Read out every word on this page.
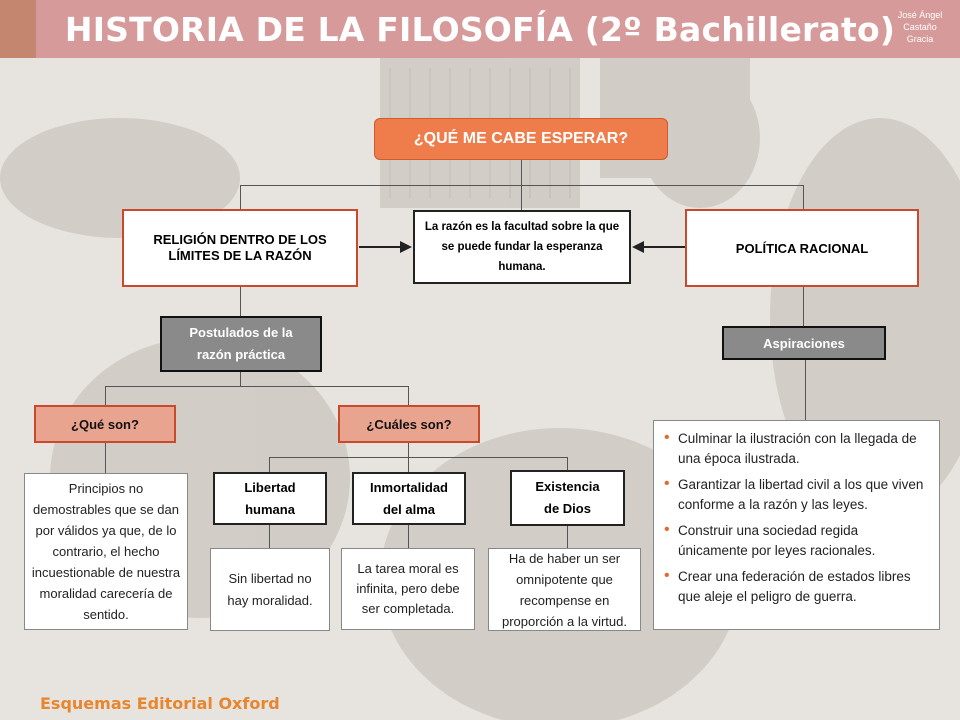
HISTORIA DE LA FILOSOFÍA (2º Bachillerato) José Ángel
Castaño
Gracia
¿QUÉ ME CABE ESPERAR?
RELIGIÓN DENTRO DE LOS LÍMITES DE LA RAZÓN
La razón es la facultad sobre la que se puede fundar la esperanza humana.
POLÍTICA RACIONAL
Postulados de la razón práctica
Aspiraciones
¿Qué son?	¿Cuáles son?
Principios no demostrables que se dan por válidos ya que, de lo contrario, el hecho incuestionable de nuestra moralidad carecería de sentido.
Libertad humana
Inmortalidad del alma
Existencia de Dios
Sin libertad no hay moralidad.
La tarea moral es infinita, pero debe ser completada.
Ha de haber un ser omnipotente que recompense en proporción a la virtud.
• Culminar la ilustración con la llegada de una época ilustrada.
• Garantizar la libertad civil a los que viven conforme a la razón y las leyes.
• Construir una sociedad regida únicamente por leyes racionales.
• Crear una federación de estados libres que aleje el peligro de guerra.
Esquemas Editorial Oxford
